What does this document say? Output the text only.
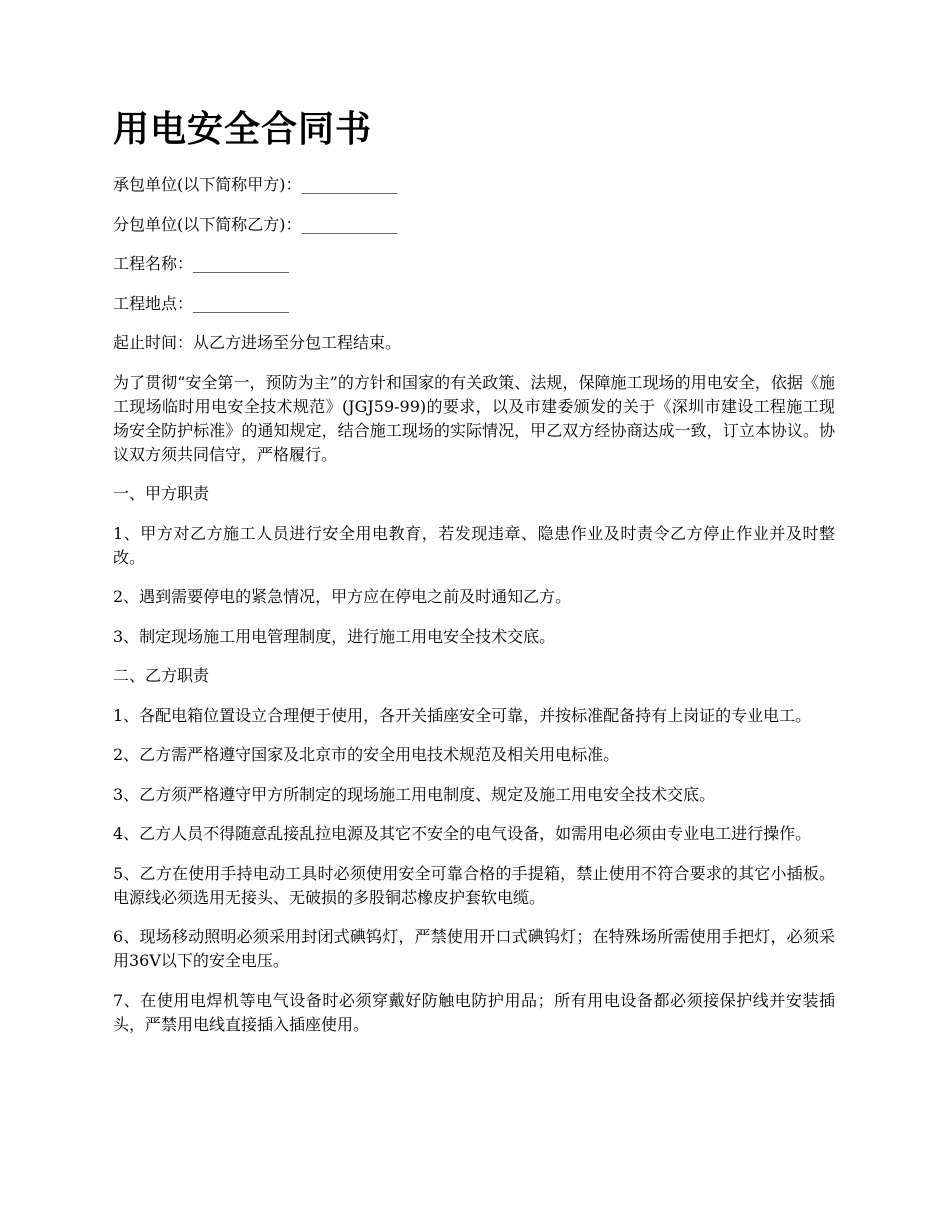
用电安全合同书

承包单位(以下简称甲方)：____________

分包单位(以下简称乙方)：____________

工程名称：____________

工程地点：____________

起止时间：从乙方进场至分包工程结束。

为了贯彻“安全第一，预防为主”的方针和国家的有关政策、法规，保障施工现场的用电安全，依据《施工现场临时用电安全技术规范》(JGJ59-99)的要求，以及市建委颁发的关于《深圳市建设工程施工现场安全防护标准》的通知规定，结合施工现场的实际情况，甲乙双方经协商达成一致，订立本协议。协议双方须共同信守，严格履行。

一、甲方职责

1、甲方对乙方施工人员进行安全用电教育，若发现违章、隐患作业及时责令乙方停止作业并及时整改。

2、遇到需要停电的紧急情况，甲方应在停电之前及时通知乙方。

3、制定现场施工用电管理制度，进行施工用电安全技术交底。

二、乙方职责

1、各配电箱位置设立合理便于使用，各开关插座安全可靠，并按标准配备持有上岗证的专业电工。

2、乙方需严格遵守国家及北京市的安全用电技术规范及相关用电标准。

3、乙方须严格遵守甲方所制定的现场施工用电制度、规定及施工用电安全技术交底。

4、乙方人员不得随意乱接乱拉电源及其它不安全的电气设备，如需用电必须由专业电工进行操作。

5、乙方在使用手持电动工具时必须使用安全可靠合格的手提箱，禁止使用不符合要求的其它小插板。电源线必须选用无接头、无破损的多股铜芯橡皮护套软电缆。

6、现场移动照明必须采用封闭式碘钨灯，严禁使用开口式碘钨灯；在特殊场所需使用手把灯，必须采用36V以下的安全电压。

7、在使用电焊机等电气设备时必须穿戴好防触电防护用品；所有用电设备都必须接保护线并安装插头，严禁用电线直接插入插座使用。
